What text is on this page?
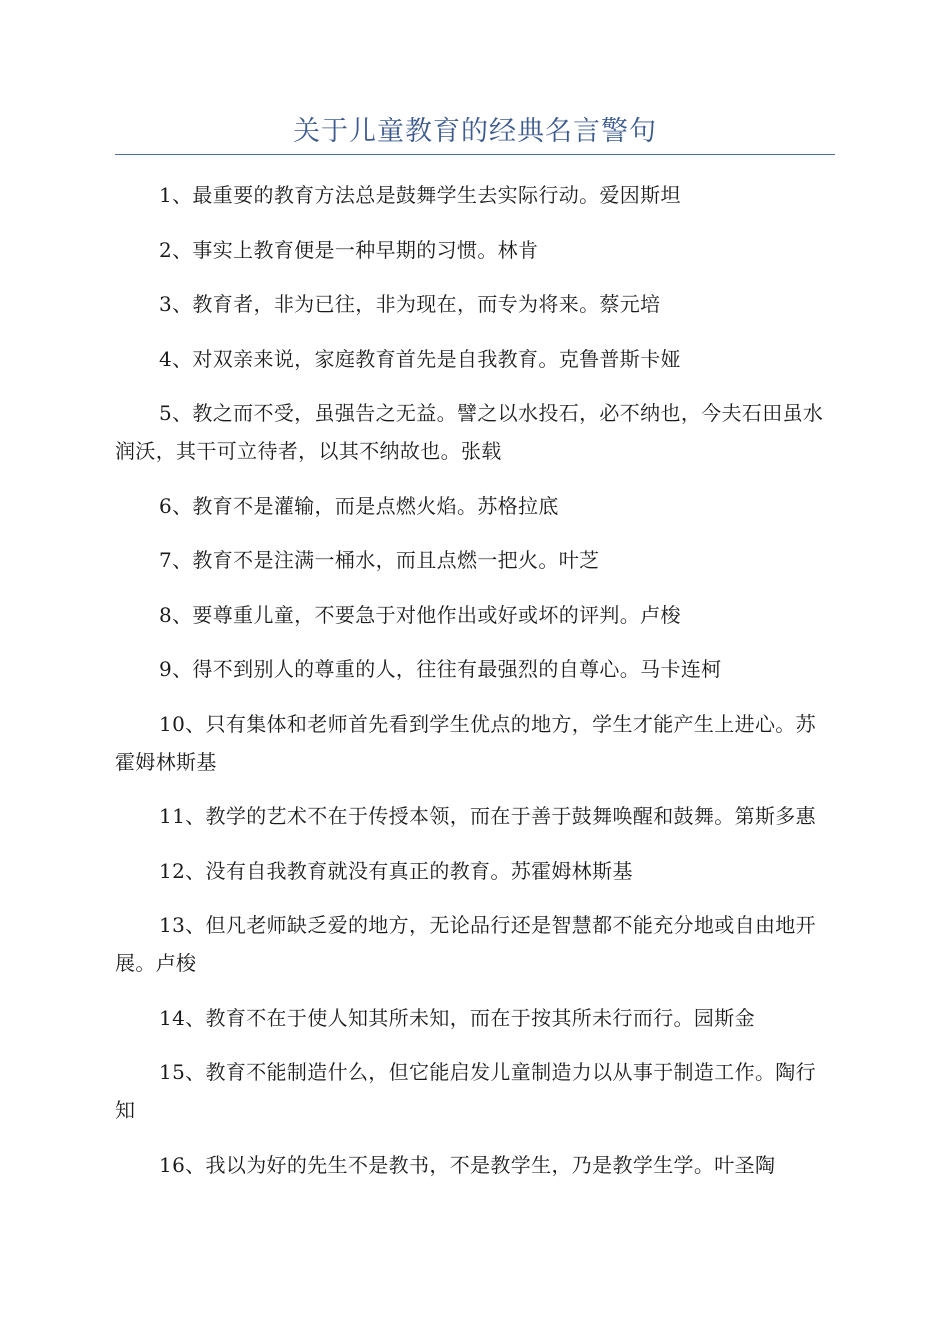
关于儿童教育的经典名言警句

1、最重要的教育方法总是鼓舞学生去实际行动。爱因斯坦

2、事实上教育便是一种早期的习惯。林肯

3、教育者，非为已往，非为现在，而专为将来。蔡元培

4、对双亲来说，家庭教育首先是自我教育。克鲁普斯卡娅

5、教之而不受，虽强告之无益。譬之以水投石，必不纳也，今夫石田虽水润沃，其干可立待者，以其不纳故也。张载

6、教育不是灌输，而是点燃火焰。苏格拉底

7、教育不是注满一桶水，而且点燃一把火。叶芝

8、要尊重儿童，不要急于对他作出或好或坏的评判。卢梭

9、得不到别人的尊重的人，往往有最强烈的自尊心。马卡连柯

10、只有集体和老师首先看到学生优点的地方，学生才能产生上进心。苏霍姆林斯基

11、教学的艺术不在于传授本领，而在于善于鼓舞唤醒和鼓舞。第斯多惠

12、没有自我教育就没有真正的教育。苏霍姆林斯基

13、但凡老师缺乏爱的地方，无论品行还是智慧都不能充分地或自由地开展。卢梭

14、教育不在于使人知其所未知，而在于按其所未行而行。园斯金

15、教育不能制造什么，但它能启发儿童制造力以从事于制造工作。陶行知

16、我以为好的先生不是教书，不是教学生，乃是教学生学。叶圣陶
